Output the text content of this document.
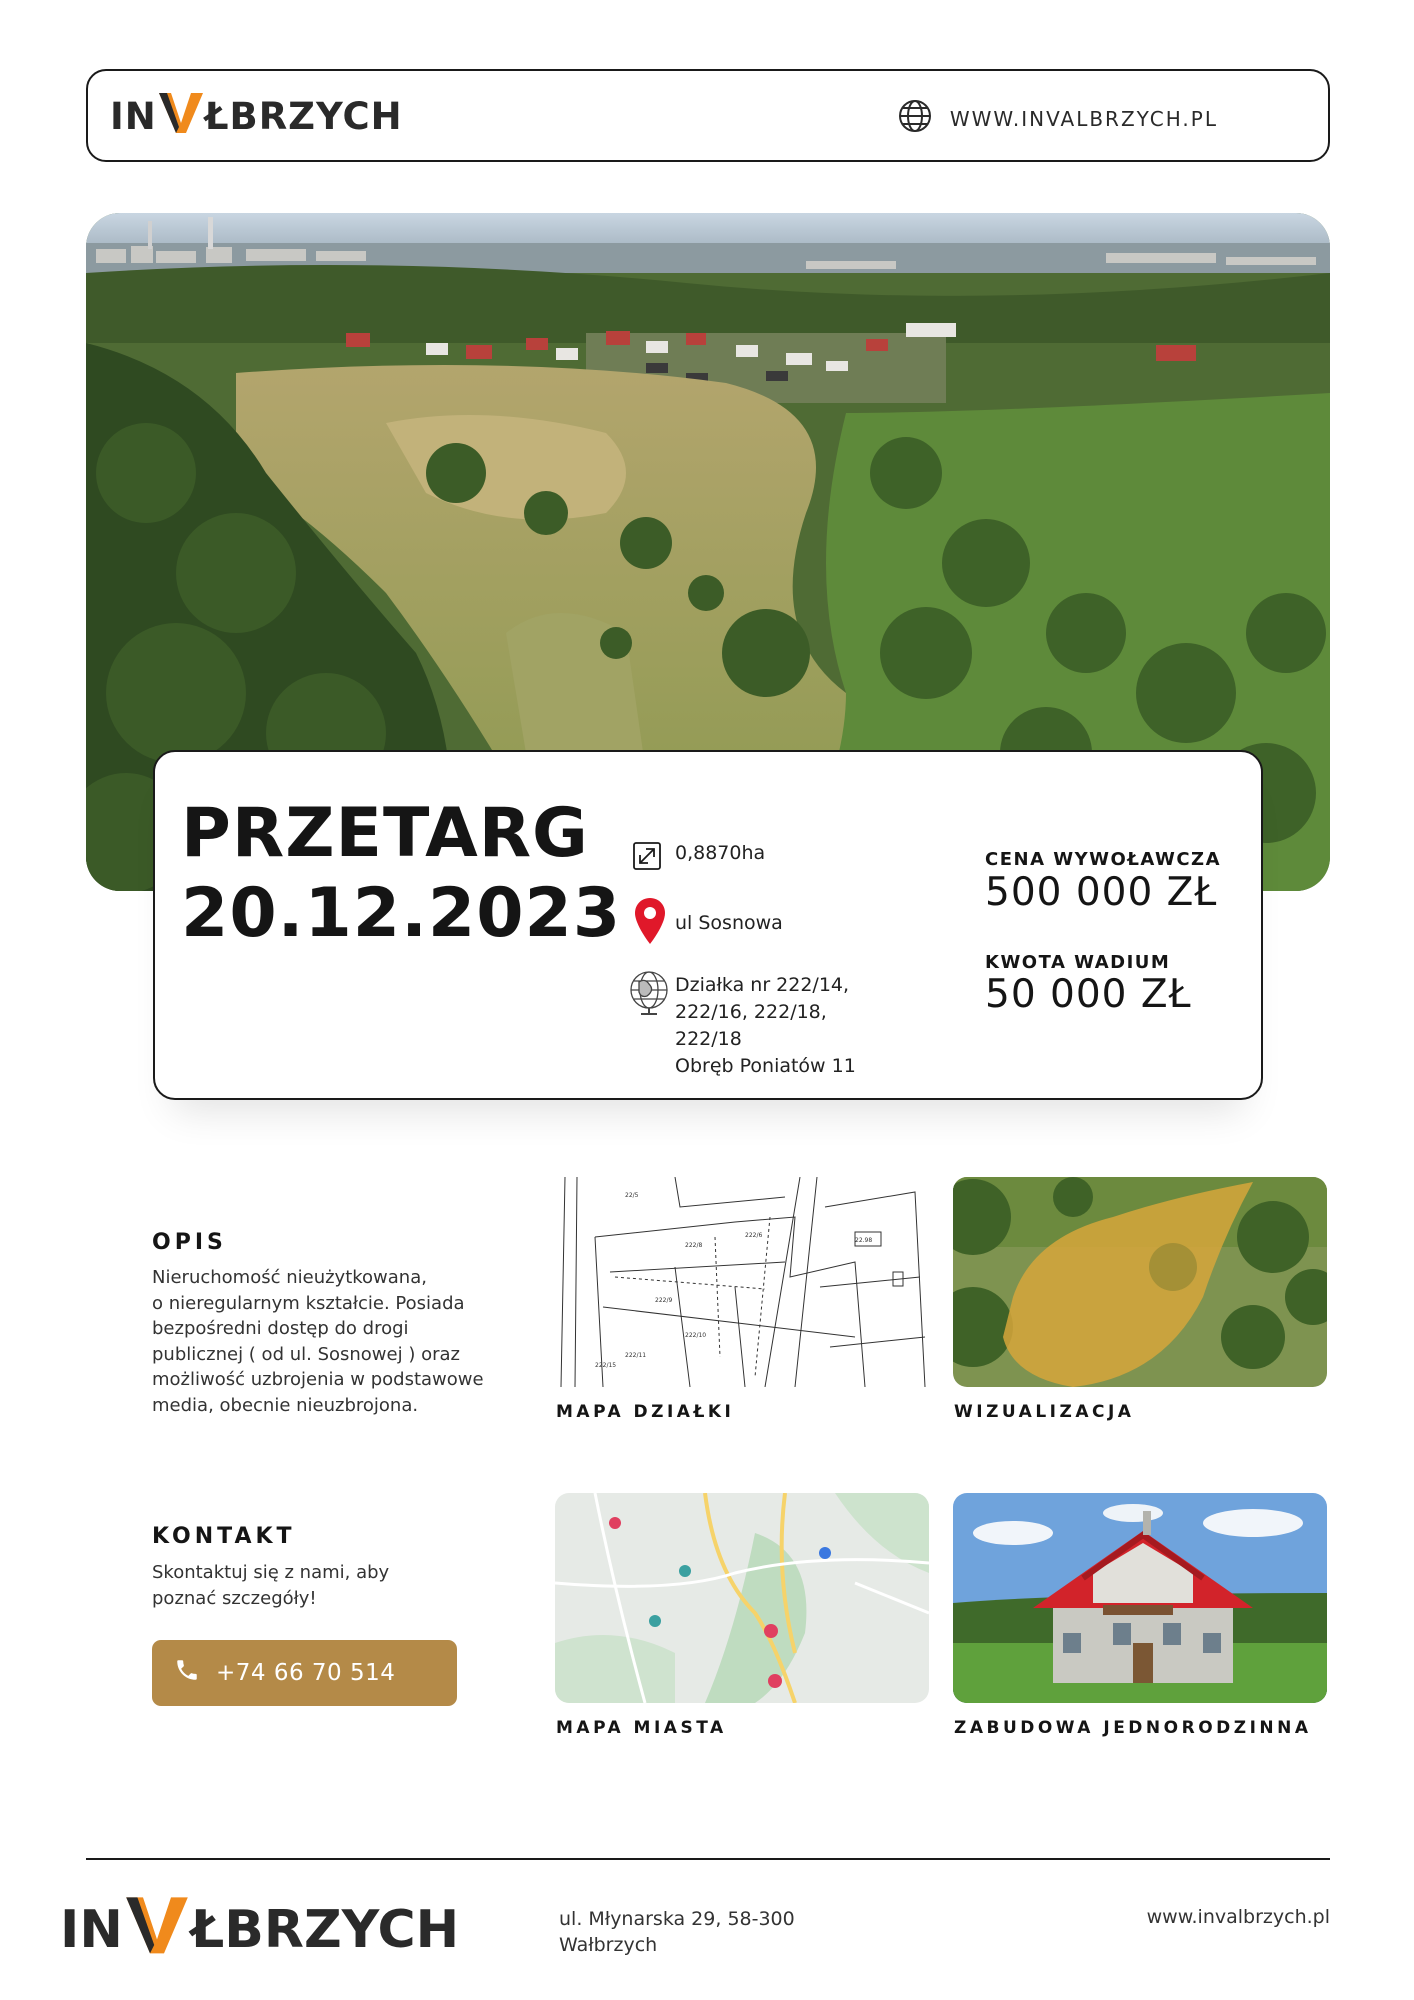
IN ŁBRZYCH	WWW.INVALBRZYCH.PL
PRZETARG
20.12.2023
0,8870ha
ul Sosnowa
Działka nr 222/14,
222/16, 222/18,
222/18
Obręb Poniatów 11
CENA WYWOŁAWCZA
500 000 ZŁ
KWOTA WADIUM
50 000 ZŁ
OPIS
Nieruchomość nieużytkowana,
o nieregularnym kształcie. Posiada
bezpośredni dostęp do drogi
publicznej ( od ul. Sosnowej ) oraz
możliwość uzbrojenia w podstawowe
media, obecnie nieuzbrojona.
KONTAKT
Skontaktuj się z nami, aby
poznać szczegóły!
+74 66 70 514
22/5
222/8
222/6
222/9
222/10
222/11
22.98
222/15
MAPA DZIAŁKI	WIZUALIZACJA
MAPA MIASTA	ZABUDOWA JEDNORODZINNA
IN ŁBRZYCH	ul. Młynarska 29, 58-300
Wałbrzych
www.invalbrzych.pl
